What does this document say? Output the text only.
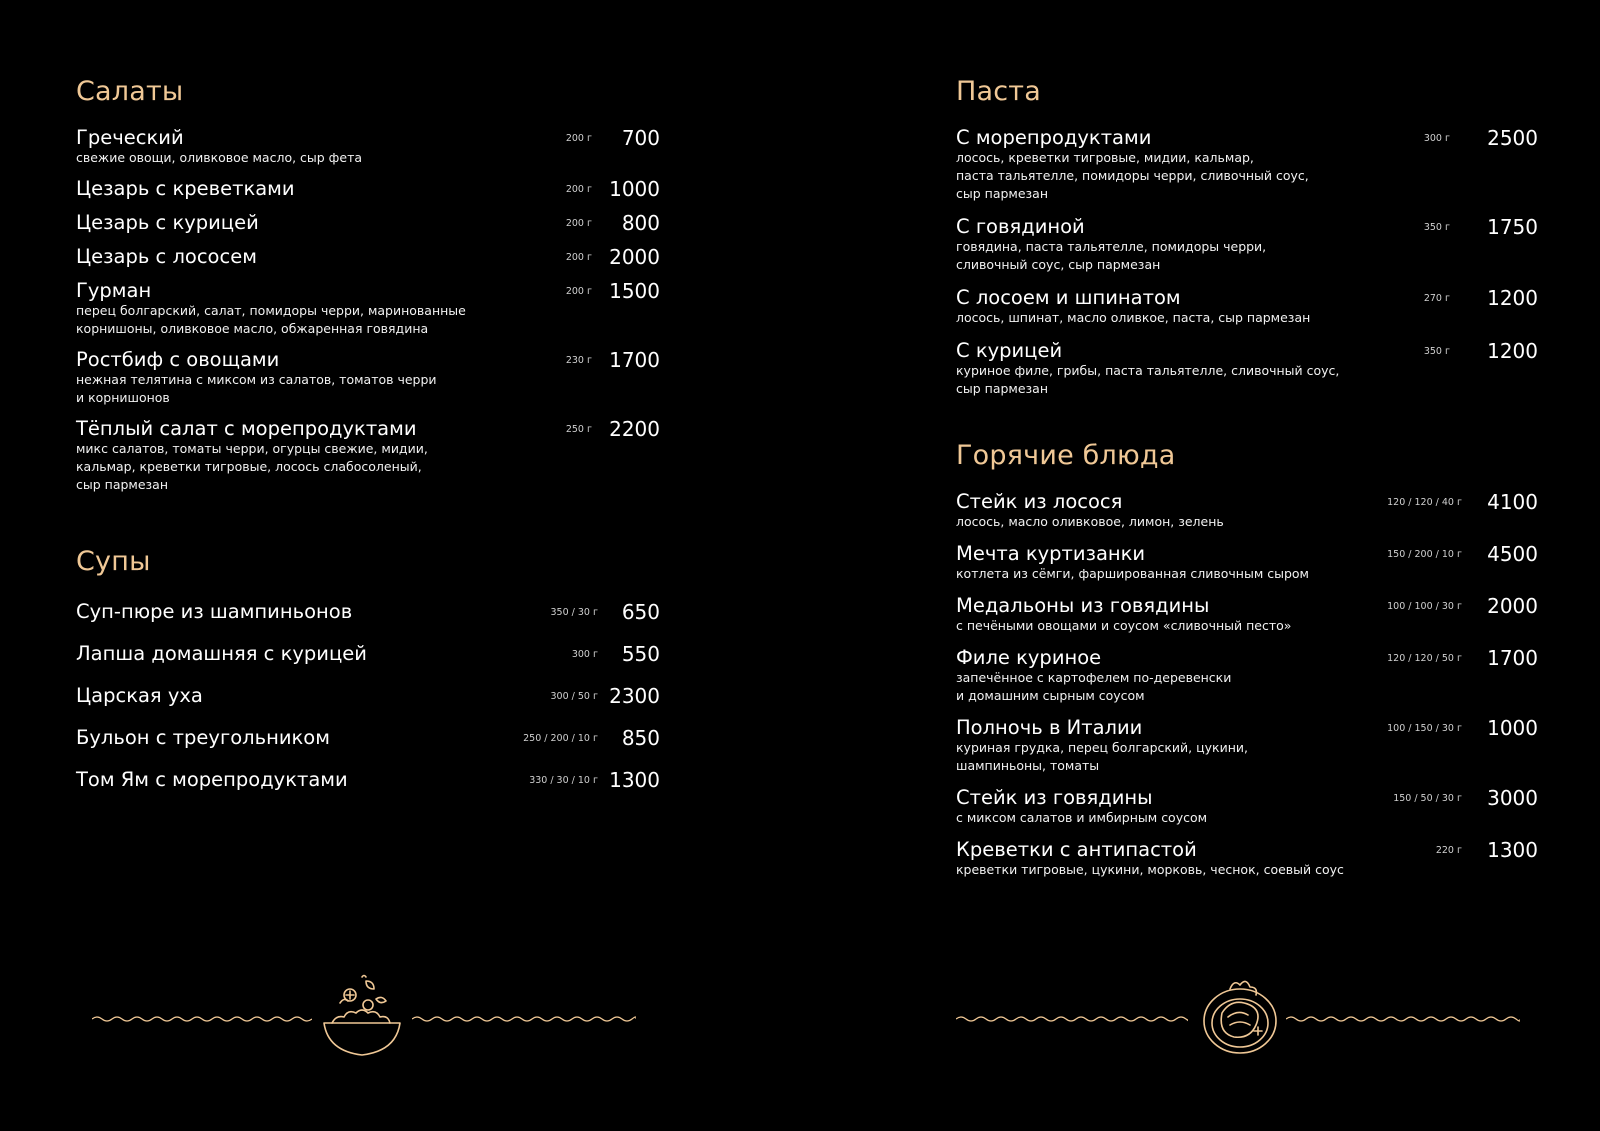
Салаты
Греческий
свежие овощи, оливковое масло, сыр фета
200 г 700
Цезарь с креветками	200 г 1000
Цезарь с курицей	200 г 800
Цезарь с лососем	200 г 2000
Гурман
перец болгарский, салат, помидоры черри, маринованные
корнишоны, оливковое масло, обжаренная говядина
200 г 1500
Ростбиф с овощами
нежная телятина с миксом из салатов, томатов черри
и корнишонов
230 г 1700
Тёплый салат с морепродуктами
микс салатов, томаты черри, огурцы свежие, мидии,
кальмар, креветки тигровые, лосось слабосоленый,
сыр пармезан
250 г 2200
Супы
Суп-пюре из шампиньонов	350 / 30 г 650
Лапша домашняя с курицей	300 г 550
Царская уха	300 / 50 г 2300
Бульон с треугольником	250 / 200 / 10 г 850
Том Ям с морепродуктами	330 / 30 / 10 г 1300
Паста
С морепродуктами
лосось, креветки тигровые, мидии, кальмар,
паста тальятелле, помидоры черри, сливочный соус,
сыр пармезан
300 г 2500
С говядиной
говядина, паста тальятелле, помидоры черри,
сливочный соус, сыр пармезан
350 г 1750
С лосоем и шпинатом
лосось, шпинат, масло оливкое, паста, сыр пармезан
270 г 1200
С курицей
куриное филе, грибы, паста тальятелле, сливочный соус,
сыр пармезан
350 г 1200
Горячие блюда
Стейк из лосося
лосось, масло оливковое, лимон, зелень
120 / 120 / 40 г 4100
Мечта куртизанки
котлета из сёмги, фаршированная сливочным сыром
150 / 200 / 10 г 4500
Медальоны из говядины
с печёными овощами и соусом «сливочный песто»
100 / 100 / 30 г 2000
Филе куриное
запечённое с картофелем по-деревенски
и домашним сырным соусом
120 / 120 / 50 г 1700
Полночь в Италии
куриная грудка, перец болгарский, цукини,
шампиньоны, томаты
100 / 150 / 30 г 1000
Стейк из говядины
с миксом салатов и имбирным соусом
150 / 50 / 30 г 3000
Креветки с антипастой
креветки тигровые, цукини, морковь, чеснок, соевый соус
220 г 1300
